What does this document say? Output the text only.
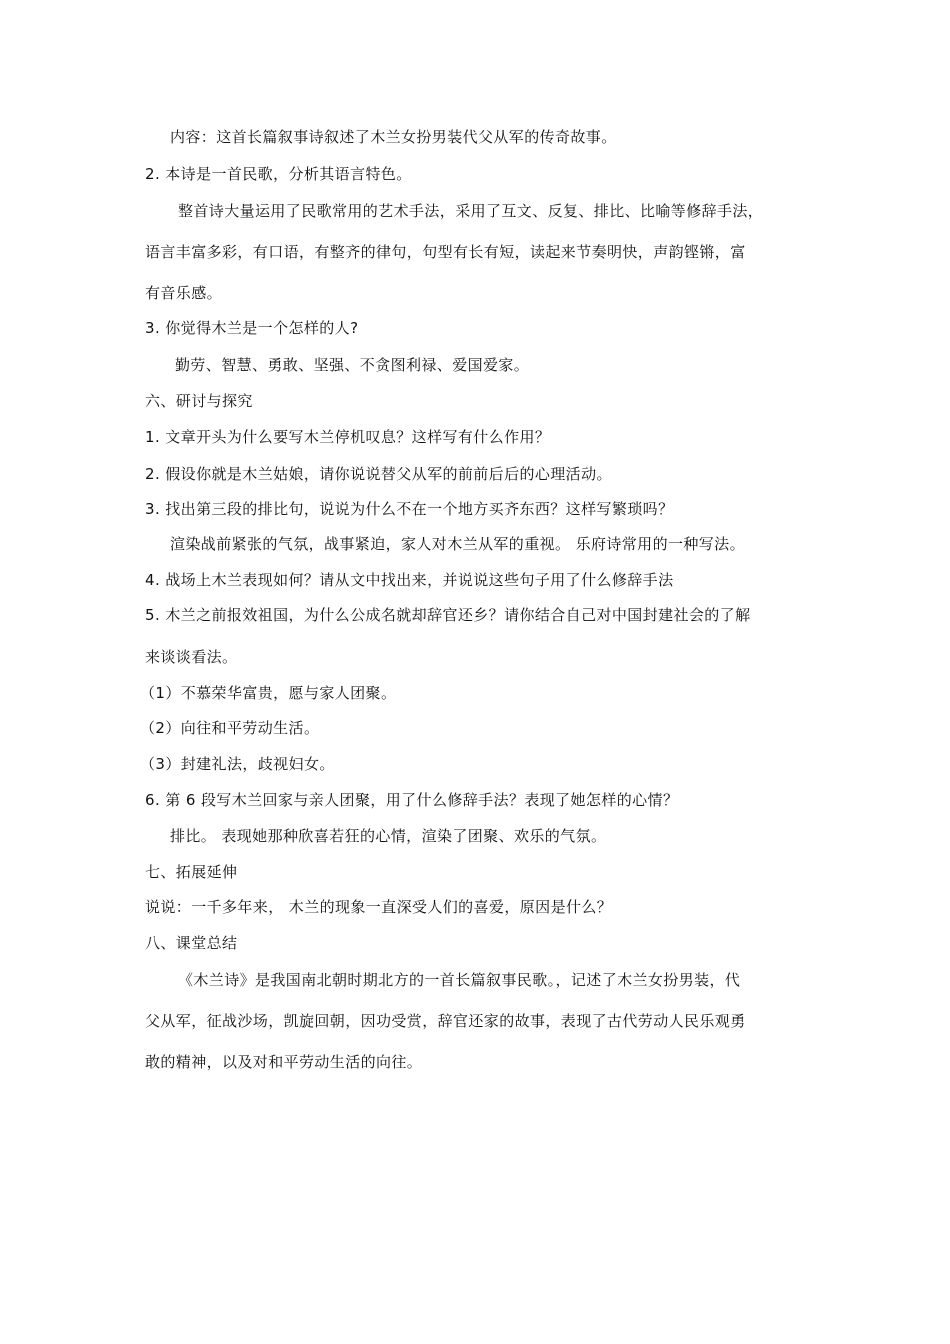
内容：这首长篇叙事诗叙述了木兰女扮男装代父从军的传奇故事。
2. 本诗是一首民歌，分析其语言特色。
整首诗大量运用了民歌常用的艺术手法，采用了互文、反复、排比、比喻等修辞手法，
语言丰富多彩，有口语，有整齐的律句，句型有长有短，读起来节奏明快，声韵铿锵，富
有音乐感。
3. 你觉得木兰是一个怎样的人?
勤劳、智慧、勇敢、坚强、不贪图利禄、爱国爱家。
六、研讨与探究
1. 文章开头为什么要写木兰停机叹息？这样写有什么作用？
2. 假设你就是木兰姑娘，请你说说替父从军的前前后后的心理活动。
3. 找出第三段的排比句，说说为什么不在一个地方买齐东西？这样写繁琐吗？
渲染战前紧张的气氛，战事紧迫，家人对木兰从军的重视。 乐府诗常用的一种写法。
4. 战场上木兰表现如何？请从文中找出来，并说说这些句子用了什么修辞手法
5. 木兰之前报效祖国，为什么公成名就却辞官还乡？请你结合自己对中国封建社会的了解
来谈谈看法。
（1）不慕荣华富贵，愿与家人团聚。
（2）向往和平劳动生活。
（3）封建礼法，歧视妇女。
6. 第 6 段写木兰回家与亲人团聚，用了什么修辞手法？表现了她怎样的心情？
排比。 表现她那种欣喜若狂的心情，渲染了团聚、欢乐的气氛。
七、拓展延伸
说说：一千多年来， 木兰的现象一直深受人们的喜爱，原因是什么？
八、课堂总结
《木兰诗》是我国南北朝时期北方的一首长篇叙事民歌。，记述了木兰女扮男装，代
父从军，征战沙场，凯旋回朝，因功受赏，辞官还家的故事，表现了古代劳动人民乐观勇
敢的精神，以及对和平劳动生活的向往。
